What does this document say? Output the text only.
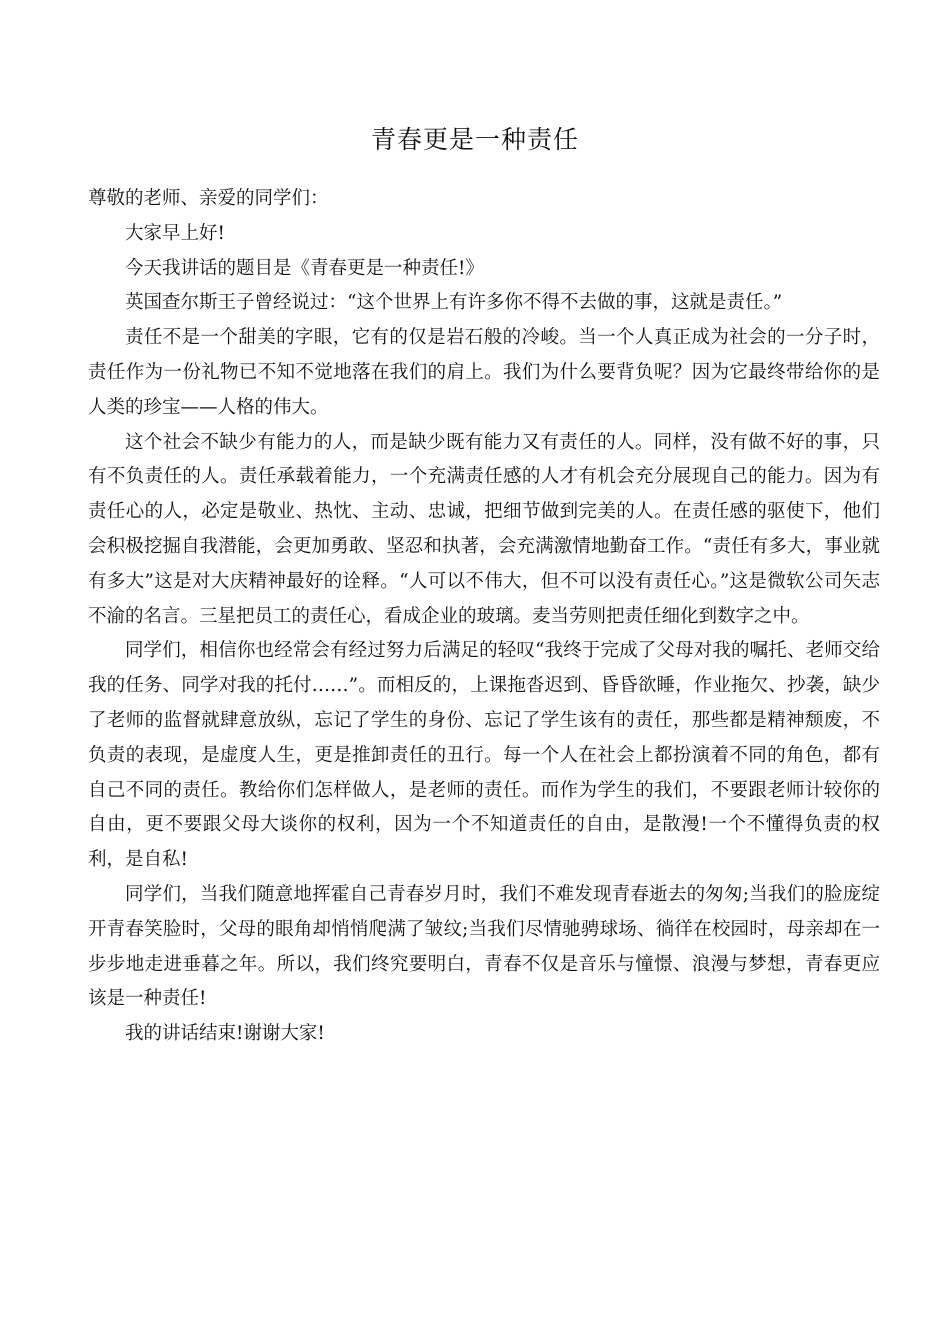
青春更是一种责任

尊敬的老师、亲爱的同学们：

大家早上好!

今天我讲话的题目是《青春更是一种责任!》

英国查尔斯王子曾经说过：“这个世界上有许多你不得不去做的事，这就是责任。”

责任不是一个甜美的字眼，它有的仅是岩石般的冷峻。当一个人真正成为社会的一分子时，责任作为一份礼物已不知不觉地落在我们的肩上。我们为什么要背负呢？因为它最终带给你的是人类的珍宝——人格的伟大。

这个社会不缺少有能力的人，而是缺少既有能力又有责任的人。同样，没有做不好的事，只有不负责任的人。责任承载着能力，一个充满责任感的人才有机会充分展现自己的能力。因为有责任心的人，必定是敬业、热忱、主动、忠诚，把细节做到完美的人。在责任感的驱使下，他们会积极挖掘自我潜能，会更加勇敢、坚忍和执著，会充满激情地勤奋工作。“责任有多大，事业就有多大”这是对大庆精神最好的诠释。“人可以不伟大，但不可以没有责任心。”这是微软公司矢志不渝的名言。三星把员工的责任心，看成企业的玻璃。麦当劳则把责任细化到数字之中。

同学们，相信你也经常会有经过努力后满足的轻叹“我终于完成了父母对我的嘱托、老师交给我的任务、同学对我的托付……”。而相反的，上课拖沓迟到、昏昏欲睡，作业拖欠、抄袭，缺少了老师的监督就肆意放纵，忘记了学生的身份、忘记了学生该有的责任，那些都是精神颓废，不负责的表现，是虚度人生，更是推卸责任的丑行。每一个人在社会上都扮演着不同的角色，都有自己不同的责任。教给你们怎样做人，是老师的责任。而作为学生的我们，不要跟老师计较你的自由，更不要跟父母大谈你的权利，因为一个不知道责任的自由，是散漫!一个不懂得负责的权利，是自私!

同学们，当我们随意地挥霍自己青春岁月时，我们不难发现青春逝去的匆匆;当我们的脸庞绽开青春笑脸时，父母的眼角却悄悄爬满了皱纹;当我们尽情驰骋球场、徜徉在校园时，母亲却在一步步地走进垂暮之年。所以，我们终究要明白，青春不仅是音乐与憧憬、浪漫与梦想，青春更应该是一种责任!

我的讲话结束!谢谢大家!
